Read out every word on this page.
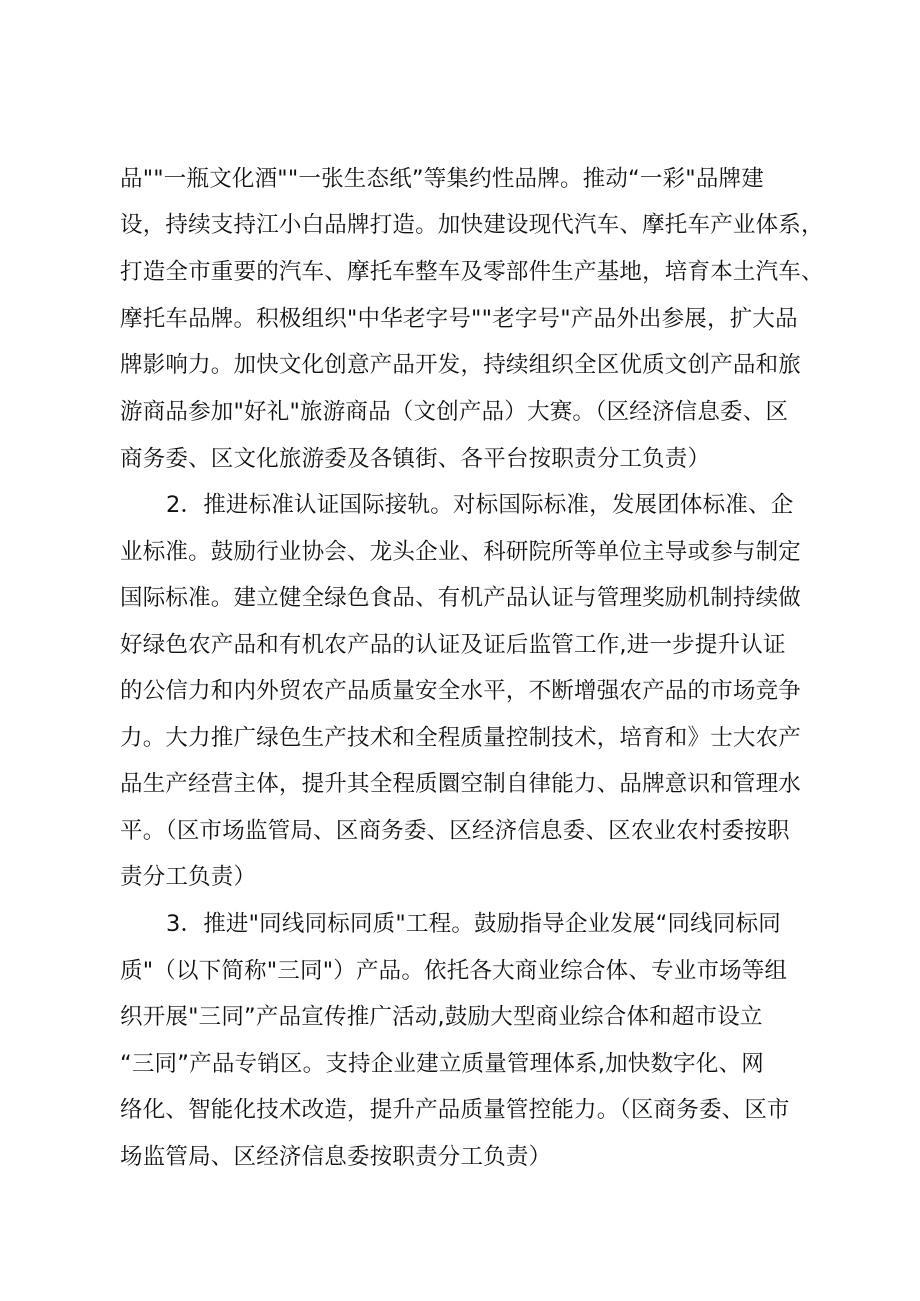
品""一瓶文化酒""一张生态纸”等集约性品牌。推动“一彩"品牌建
设，持续支持江小白品牌打造。加快建设现代汽车、摩托车产业体系，
打造全市重要的汽车、摩托车整车及零部件生产基地，培育本土汽车、
摩托车品牌。积极组织"中华老字号""老字号"产品外出参展，扩大品
牌影响力。加快文化创意产品开发，持续组织全区优质文创产品和旅
游商品参加"好礼"旅游商品（文创产品）大赛。（区经济信息委、区
商务委、区文化旅游委及各镇街、各平台按职责分工负责）
2．推进标准认证国际接轨。对标国际标准，发展团体标准、企
业标准。鼓励行业协会、龙头企业、科研院所等单位主导或参与制定
国际标准。建立健全绿色食品、有机产品认证与管理奖励机制持续做
好绿色农产品和有机农产品的认证及证后监管工作,进一步提升认证
的公信力和内外贸农产品质量安全水平，不断增强农产品的市场竞争
力。大力推广绿色生产技术和全程质量控制技术，培育和》士大农产
品生产经营主体，提升其全程质圜空制自律能力、品牌意识和管理水
平。（区市场监管局、区商务委、区经济信息委、区农业农村委按职
责分工负责）
3．推进"同线同标同质"工程。鼓励指导企业发展“同线同标同
质"（以下简称"三同"）产品。依托各大商业综合体、专业市场等组
织开展"三同”产品宣传推广活动,鼓励大型商业综合体和超市设立
“三同”产品专销区。支持企业建立质量管理体系,加快数字化、网
络化、智能化技术改造，提升产品质量管控能力。（区商务委、区市
场监管局、区经济信息委按职责分工负责）
